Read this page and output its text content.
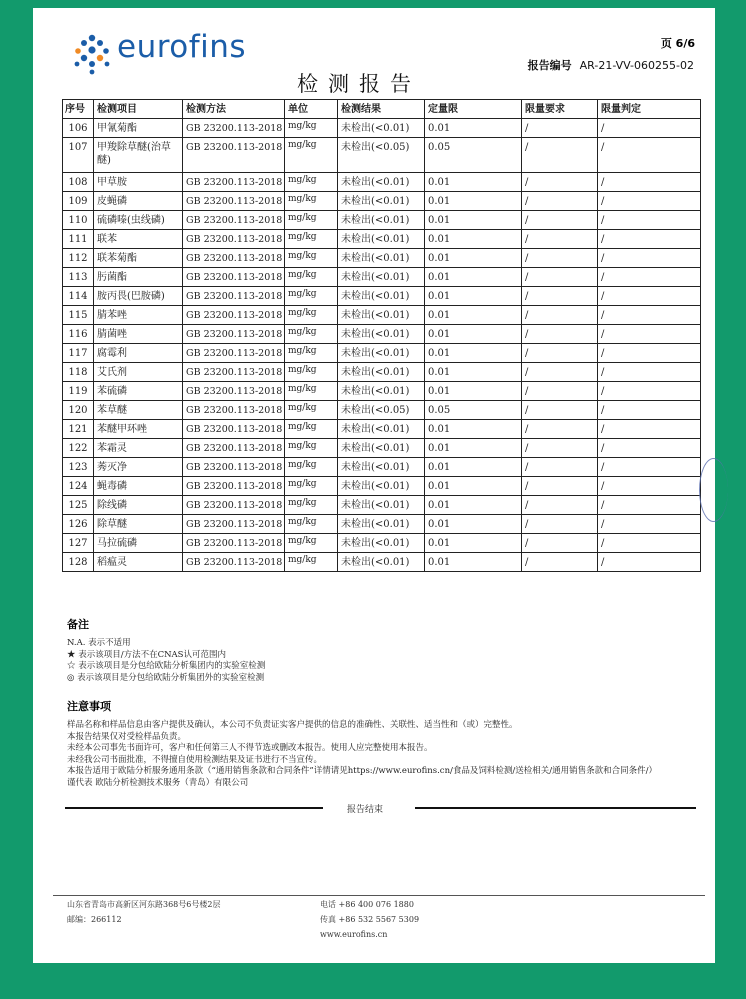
eurofins	页 6/6
报告编号 AR-21-VV-060255-02
检测报告
序号	检测项目	检测方法	单位	检测结果	定量限	限量要求	限量判定
106	甲氰菊酯	GB 23200.113-2018	mg/kg	未检出(<0.01)	0.01	/	/
107	甲羧除草醚(治草醚)	GB 23200.113-2018	mg/kg	未检出(<0.05)	0.05	/	/
108	甲草胺	GB 23200.113-2018	mg/kg	未检出(<0.01)	0.01	/	/
109	皮蝇磷	GB 23200.113-2018	mg/kg	未检出(<0.01)	0.01	/	/
110	硫磷嗪(虫线磷)	GB 23200.113-2018	mg/kg	未检出(<0.01)	0.01	/	/
111	联苯	GB 23200.113-2018	mg/kg	未检出(<0.01)	0.01	/	/
112	联苯菊酯	GB 23200.113-2018	mg/kg	未检出(<0.01)	0.01	/	/
113	肟菌酯	GB 23200.113-2018	mg/kg	未检出(<0.01)	0.01	/	/
114	胺丙畏(巴胺磷)	GB 23200.113-2018	mg/kg	未检出(<0.01)	0.01	/	/
115	腈苯唑	GB 23200.113-2018	mg/kg	未检出(<0.01)	0.01	/	/
116	腈菌唑	GB 23200.113-2018	mg/kg	未检出(<0.01)	0.01	/	/
117	腐霉利	GB 23200.113-2018	mg/kg	未检出(<0.01)	0.01	/	/
118	艾氏剂	GB 23200.113-2018	mg/kg	未检出(<0.01)	0.01	/	/
119	苯硫磷	GB 23200.113-2018	mg/kg	未检出(<0.01)	0.01	/	/
120	苯草醚	GB 23200.113-2018	mg/kg	未检出(<0.05)	0.05	/	/
121	苯醚甲环唑	GB 23200.113-2018	mg/kg	未检出(<0.01)	0.01	/	/
122	苯霜灵	GB 23200.113-2018	mg/kg	未检出(<0.01)	0.01	/	/
123	莠灭净	GB 23200.113-2018	mg/kg	未检出(<0.01)	0.01	/	/
124	蝇毒磷	GB 23200.113-2018	mg/kg	未检出(<0.01)	0.01	/	/
125	除线磷	GB 23200.113-2018	mg/kg	未检出(<0.01)	0.01	/	/
126	除草醚	GB 23200.113-2018	mg/kg	未检出(<0.01)	0.01	/	/
127	马拉硫磷	GB 23200.113-2018	mg/kg	未检出(<0.01)	0.01	/	/
128	稻瘟灵	GB 23200.113-2018	mg/kg	未检出(<0.01)	0.01	/	/
备注
N.A. 表示不适用
★ 表示该项目/方法不在CNAS认可范围内
☆ 表示该项目是分包给欧陆分析集团内的实验室检测
◎ 表示该项目是分包给欧陆分析集团外的实验室检测
注意事项
样品名称和样品信息由客户提供及确认，本公司不负责证实客户提供的信息的准确性、关联性、适当性和（或）完整性。
本报告结果仅对受检样品负责。
未经本公司事先书面许可，客户和任何第三人不得节选或删改本报告。使用人应完整使用本报告。
未经我公司书面批准，不得擅自使用检测结果及证书进行不当宣传。
本报告适用于欧陆分析服务通用条款（“通用销售条款和合同条件”详情请见https://www.eurofins.cn/食品及饲料检测/送检相关/通用销售条款和合同条件/）
谨代表 欧陆分析检测技术服务（青岛）有限公司
报告结束
山东省青岛市高新区河东路368号6号楼2层
邮编：266112
电话 +86 400 076 1880
传真 +86 532 5567 5309
www.eurofins.cn
